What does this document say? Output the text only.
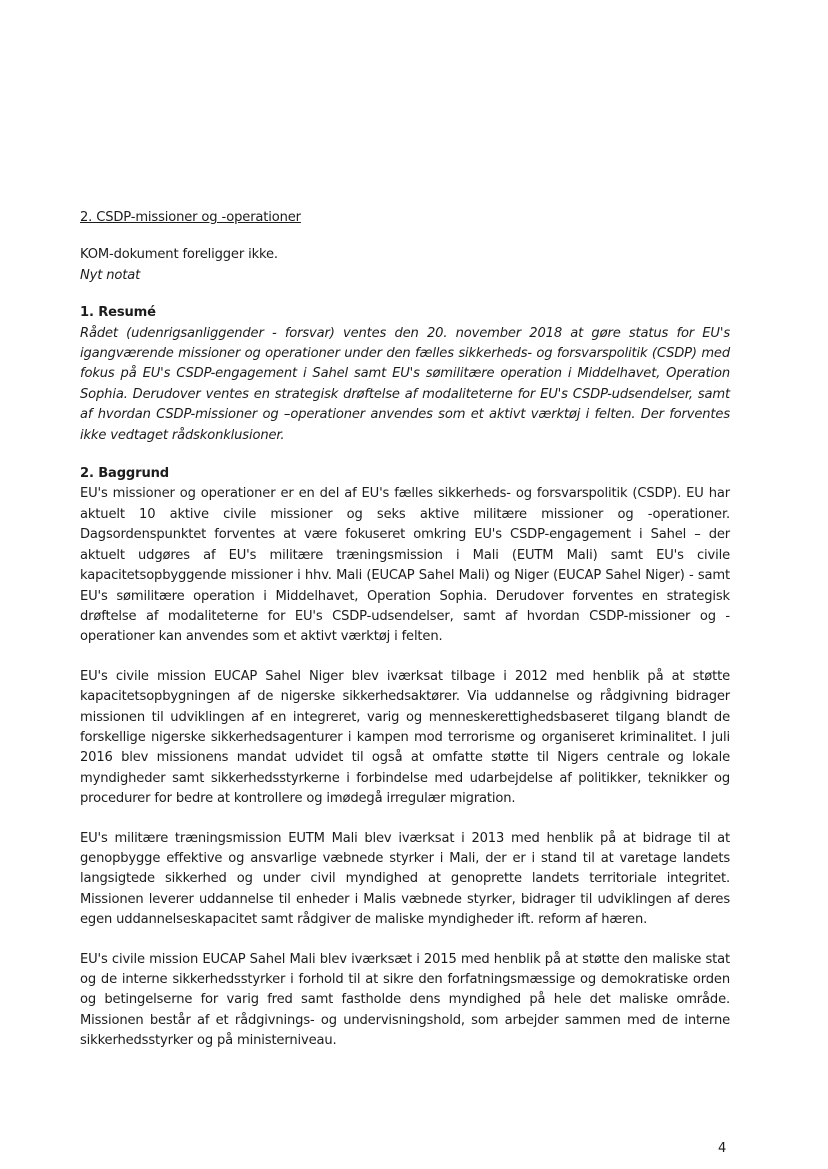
2. CSDP-missioner og -operationer

KOM-dokument foreligger ikke.

Nyt notat

1. Resumé

Rådet (udenrigsanliggender - forsvar) ventes den 20. november 2018 at gøre status for EU's igangværende missioner og operationer under den fælles sikkerheds- og forsvarspolitik (CSDP) med fokus på EU's CSDP-engagement i Sahel samt EU's sømilitære operation i Middelhavet, Operation Sophia. Derudover ventes en strategisk drøftelse af modaliteterne for EU's CSDP-udsendelser, samt af hvordan CSDP-missioner og –operationer anvendes som et aktivt værktøj i felten. Der forventes ikke vedtaget rådskonklusioner.

2. Baggrund

EU's missioner og operationer er en del af EU's fælles sikkerheds- og forsvarspolitik (CSDP). EU har aktuelt 10 aktive civile missioner og seks aktive militære missioner og -operationer. Dagsordenspunktet forventes at være fokuseret omkring EU's CSDP-engagement i Sahel – der aktuelt udgøres af EU's militære træningsmission i Mali (EUTM Mali) samt EU's civile kapacitetsopbyggende missioner i hhv. Mali (EUCAP Sahel Mali) og Niger (EUCAP Sahel Niger) - samt EU's sømilitære operation i Middelhavet, Operation Sophia. Derudover forventes en strategisk drøftelse af modaliteterne for EU's CSDP-udsendelser, samt af hvordan CSDP-missioner og -operationer kan anvendes som et aktivt værktøj i felten.

EU's civile mission EUCAP Sahel Niger blev iværksat tilbage i 2012 med henblik på at støtte kapacitetsopbygningen af de nigerske sikkerhedsaktører. Via uddannelse og rådgivning bidrager missionen til udviklingen af en integreret, varig og menneskerettighedsbaseret tilgang blandt de forskellige nigerske sikkerhedsagenturer i kampen mod terrorisme og organiseret kriminalitet. I juli 2016 blev missionens mandat udvidet til også at omfatte støtte til Nigers centrale og lokale myndigheder samt sikkerhedsstyrkerne i forbindelse med udarbejdelse af politikker, teknikker og procedurer for bedre at kontrollere og imødegå irregulær migration.

EU's militære træningsmission EUTM Mali blev iværksat i 2013 med henblik på at bidrage til at genopbygge effektive og ansvarlige væbnede styrker i Mali, der er i stand til at varetage landets langsigtede sikkerhed og under civil myndighed at genoprette landets territoriale integritet. Missionen leverer uddannelse til enheder i Malis væbnede styrker, bidrager til udviklingen af deres egen uddannelseskapacitet samt rådgiver de maliske myndigheder ift. reform af hæren.

EU's civile mission EUCAP Sahel Mali blev iværksæt i 2015 med henblik på at støtte den maliske stat og de interne sikkerhedsstyrker i forhold til at sikre den forfatningsmæssige og demokratiske orden og betingelserne for varig fred samt fastholde dens myndighed på hele det maliske område. Missionen består af et rådgivnings- og undervisningshold, som arbejder sammen med de interne sikkerhedsstyrker og på ministerniveau.

4
